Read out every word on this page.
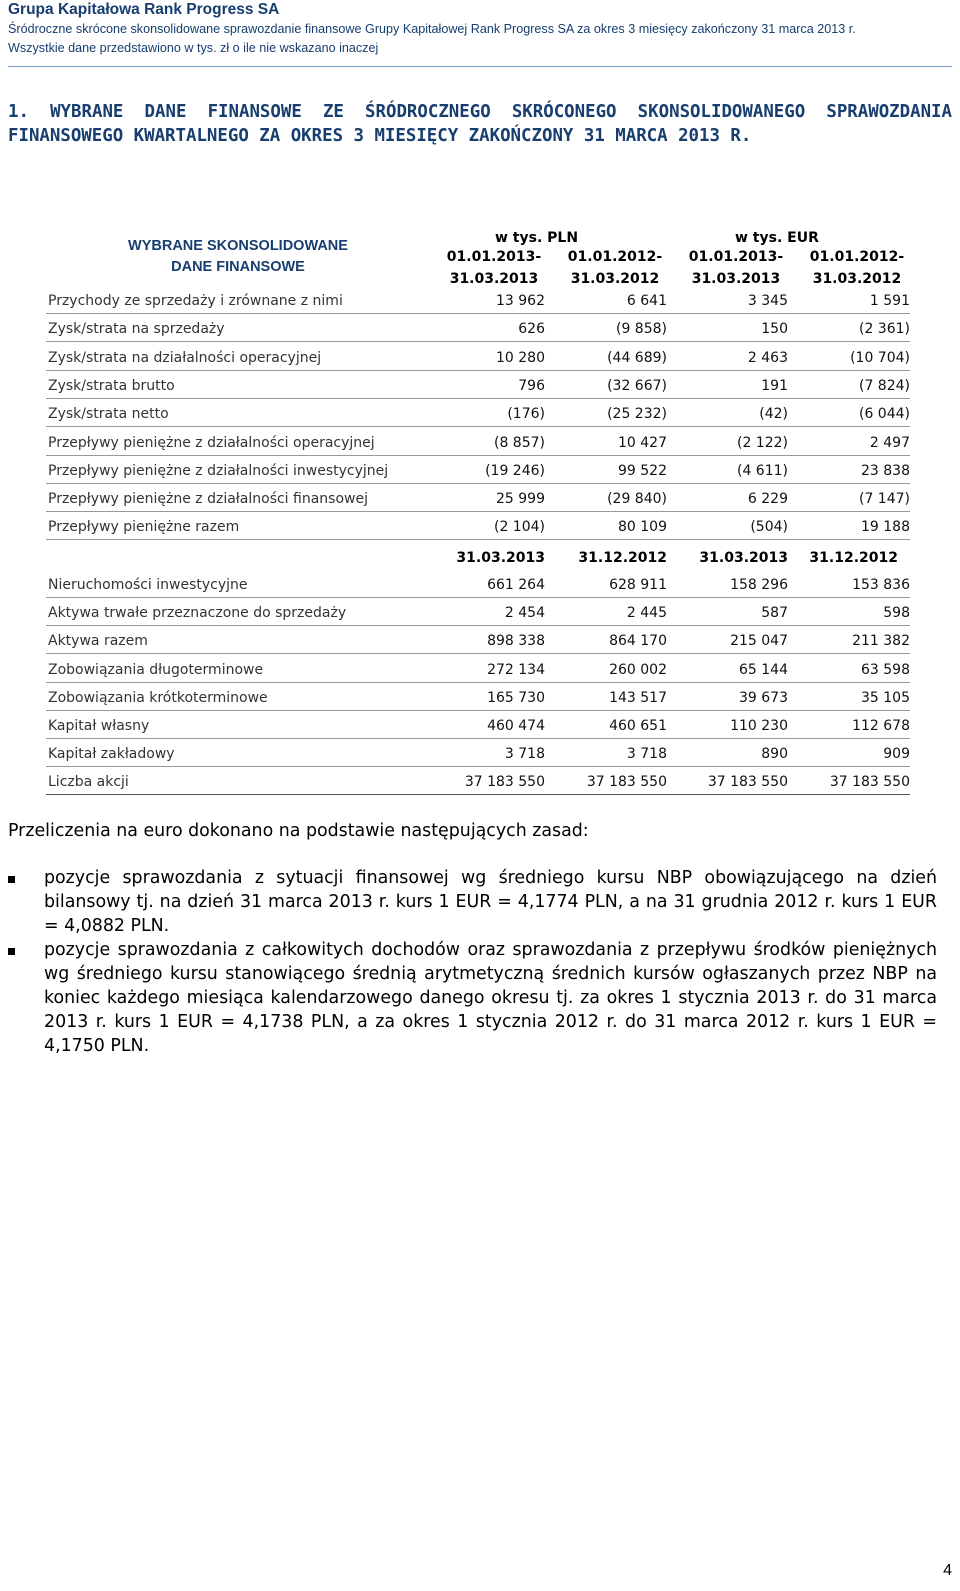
Grupa Kapitałowa Rank Progress SA
Śródroczne skrócone skonsolidowane sprawozdanie finansowe Grupy Kapitałowej Rank Progress SA za okres 3 miesięcy zakończony 31 marca 2013 r.
Wszystkie dane przedstawiono w tys. zł o ile nie wskazano inaczej
1. WYBRANE DANE FINANSOWE ZE ŚRÓDROCZNEGO SKRÓCONEGO SKONSOLIDOWANEGO SPRAWOZDANIA FINANSOWEGO KWARTALNEGO ZA OKRES 3 MIESIĘCY ZAKOŃCZONY 31 MARCA 2013 R.
WYBRANE SKONSOLIDOWANE
DANE FINANSOWE
w tys. PLN	w tys. EUR
01.01.2013-
31.03.2013
01.01.2012-
31.03.2012
01.01.2013-
31.03.2013
01.01.2012-
31.03.2012
Przychody ze sprzedaży i zrównane z nimi	13 962	6 641	3 345	1 591
Zysk/strata na sprzedaży	626	(9 858)	150	(2 361)
Zysk/strata na działalności operacyjnej	10 280	(44 689)	2 463	(10 704)
Zysk/strata brutto	796	(32 667)	191	(7 824)
Zysk/strata netto	(176)	(25 232)	(42)	(6 044)
Przepływy pieniężne z działalności operacyjnej	(8 857)	10 427	(2 122)	2 497
Przepływy pieniężne z działalności inwestycyjnej	(19 246)	99 522	(4 611)	23 838
Przepływy pieniężne z działalności finansowej	25 999	(29 840)	6 229	(7 147)
Przepływy pieniężne razem	(2 104)	80 109	(504)	19 188
31.03.2013	31.12.2012	31.03.2013	31.12.2012
Nieruchomości inwestycyjne	661 264	628 911	158 296	153 836
Aktywa trwałe przeznaczone do sprzedaży	2 454	2 445	587	598
Aktywa razem	898 338	864 170	215 047	211 382
Zobowiązania długoterminowe	272 134	260 002	65 144	63 598
Zobowiązania krótkoterminowe	165 730	143 517	39 673	35 105
Kapitał własny	460 474	460 651	110 230	112 678
Kapitał zakładowy	3 718	3 718	890	909
Liczba akcji	37 183 550	37 183 550	37 183 550	37 183 550
Przeliczenia na euro dokonano na podstawie następujących zasad:
pozycje sprawozdania z sytuacji finansowej wg średniego kursu NBP obowiązującego na dzień bilansowy tj. na dzień 31 marca 2013 r. kurs 1 EUR = 4,1774 PLN, a na 31 grudnia 2012 r. kurs 1 EUR = 4,0882 PLN.
pozycje sprawozdania z całkowitych dochodów oraz sprawozdania z przepływu środków pieniężnych wg średniego kursu stanowiącego średnią arytmetyczną średnich kursów ogłaszanych przez NBP na koniec każdego miesiąca kalendarzowego danego okresu tj. za okres 1 stycznia 2013 r. do 31 marca 2013 r. kurs 1 EUR = 4,1738 PLN, a za okres 1 stycznia 2012 r. do 31 marca 2012 r. kurs 1 EUR = 4,1750 PLN.
4
